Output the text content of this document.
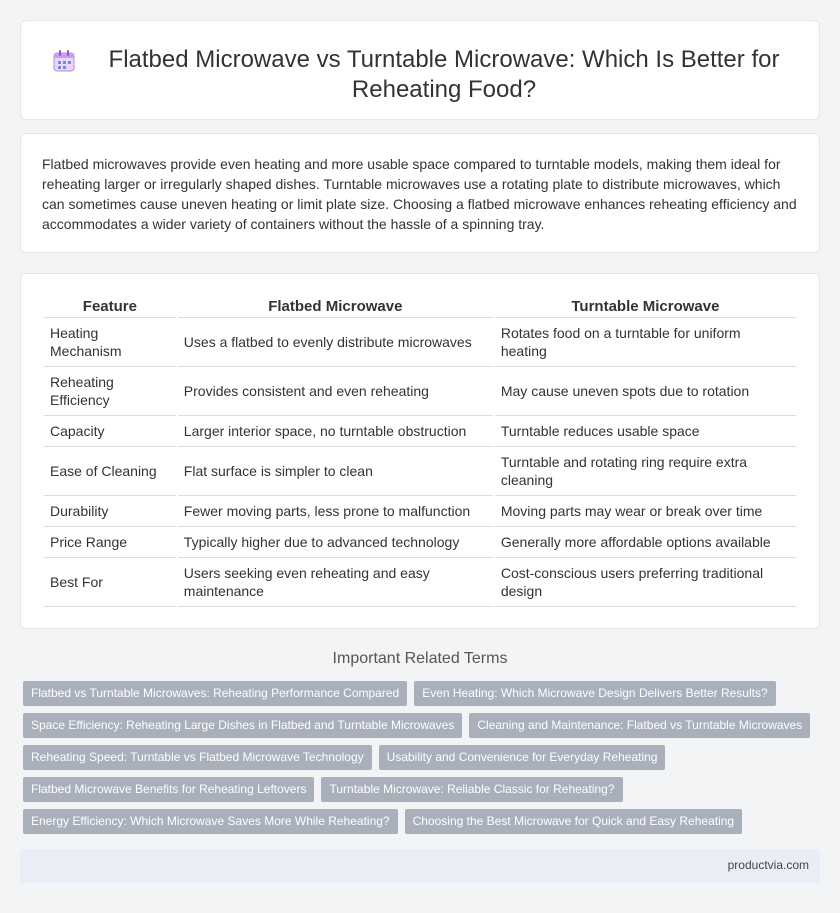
Flatbed Microwave vs Turntable Microwave: Which Is Better for Reheating Food?

Flatbed microwaves provide even heating and more usable space compared to turntable models, making them ideal for reheating larger or irregularly shaped dishes. Turntable microwaves use a rotating plate to distribute microwaves, which can sometimes cause uneven heating or limit plate size. Choosing a flatbed microwave enhances reheating efficiency and accommodates a wider variety of containers without the hassle of a spinning tray.

Feature	Flatbed Microwave	Turntable Microwave
Heating Mechanism	Uses a flatbed to evenly distribute microwaves	Rotates food on a turntable for uniform heating
Reheating Efficiency	Provides consistent and even reheating	May cause uneven spots due to rotation
Capacity	Larger interior space, no turntable obstruction	Turntable reduces usable space
Ease of Cleaning	Flat surface is simpler to clean	Turntable and rotating ring require extra cleaning
Durability	Fewer moving parts, less prone to malfunction	Moving parts may wear or break over time
Price Range	Typically higher due to advanced technology	Generally more affordable options available
Best For	Users seeking even reheating and easy maintenance	Cost-conscious users preferring traditional design
Important Related Terms
Flatbed vs Turntable Microwaves: Reheating Performance Compared	Even Heating: Which Microwave Design Delivers Better Results?
Space Efficiency: Reheating Large Dishes in Flatbed and Turntable Microwaves	Cleaning and Maintenance: Flatbed vs Turntable Microwaves
Reheating Speed: Turntable vs Flatbed Microwave Technology	Usability and Convenience for Everyday Reheating
Flatbed Microwave Benefits for Reheating Leftovers	Turntable Microwave: Reliable Classic for Reheating?
Energy Efficiency: Which Microwave Saves More While Reheating?	Choosing the Best Microwave for Quick and Easy Reheating
productvia.com
